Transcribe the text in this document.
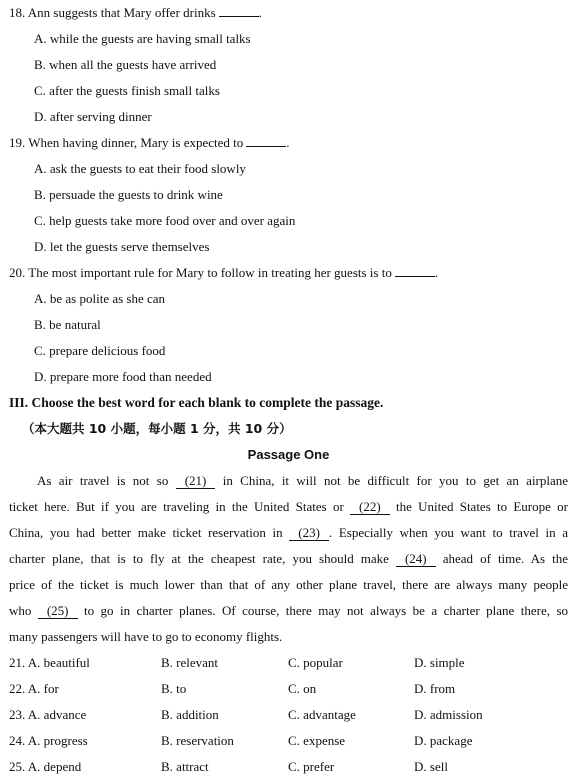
18. Ann suggests that Mary offer drinks	.
A. while the guests are having small talks
B. when all the guests have arrived
C. after the guests finish small talks
D. after serving dinner
19. When having dinner, Mary is expected to	.
A. ask the guests to eat their food slowly
B. persuade the guests to drink wine
C. help guests take more food over and over again
D. let the guests serve themselves
20. The most important rule for Mary to follow in treating her guests is to	.
A. be as polite as she can
B. be natural
C. prepare delicious food
D. prepare more food than needed
III. Choose the best word for each blank to complete the passage.
（本大题共 10 小题，每小题 1 分，共 10 分）
Passage One
As air travel is not so (21) in China, it will not be difficult for you to get an airplane
ticket here. But if you are traveling in the United States or (22) the United States to Europe or
China, you had better make ticket reservation in (23) . Especially when you want to travel in a
charter plane, that is to fly at the cheapest rate, you should make (24) ahead of time. As the
price of the ticket is much lower than that of any other plane travel, there are always many people
who (25) to go in charter planes. Of course, there may not always be a charter plane there, so
many passengers will have to go to economy flights.
21. A. beautiful	B. relevant	C. popular	D. simple
22. A. for	B. to	C. on	D. from
23. A. advance	B. addition	C. advantage	D. admission
24. A. progress	B. reservation	C. expense	D. package
25. A. depend	B. attract	C. prefer	D. sell
